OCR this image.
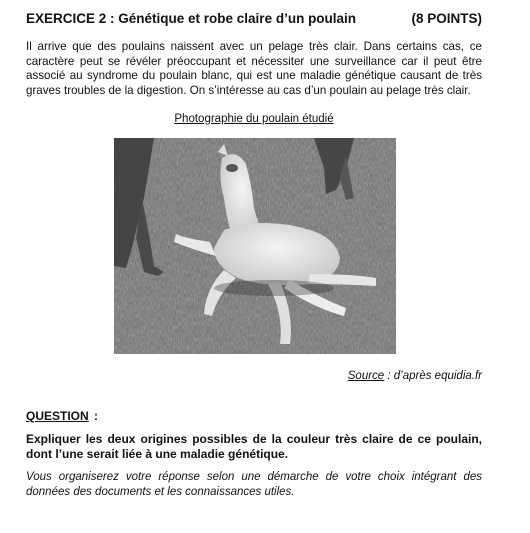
EXERCICE 2 : Génétique et robe claire d’un poulain	(8 POINTS)

Il arrive que des poulains naissent avec un pelage très clair. Dans certains cas, ce caractère peut se révéler préoccupant et nécessiter une surveillance car il peut être associé au syndrome du poulain blanc, qui est une maladie génétique causant de très graves troubles de la digestion. On s’intéresse au cas d’un poulain au pelage très clair.

Photographie du poulain étudié
Source : d’après equidia.fr
QUESTION :

Expliquer les deux origines possibles de la couleur très claire de ce poulain, dont l’une serait liée à une maladie génétique.

Vous organiserez votre réponse selon une démarche de votre choix intégrant des données des documents et les connaissances utiles.
